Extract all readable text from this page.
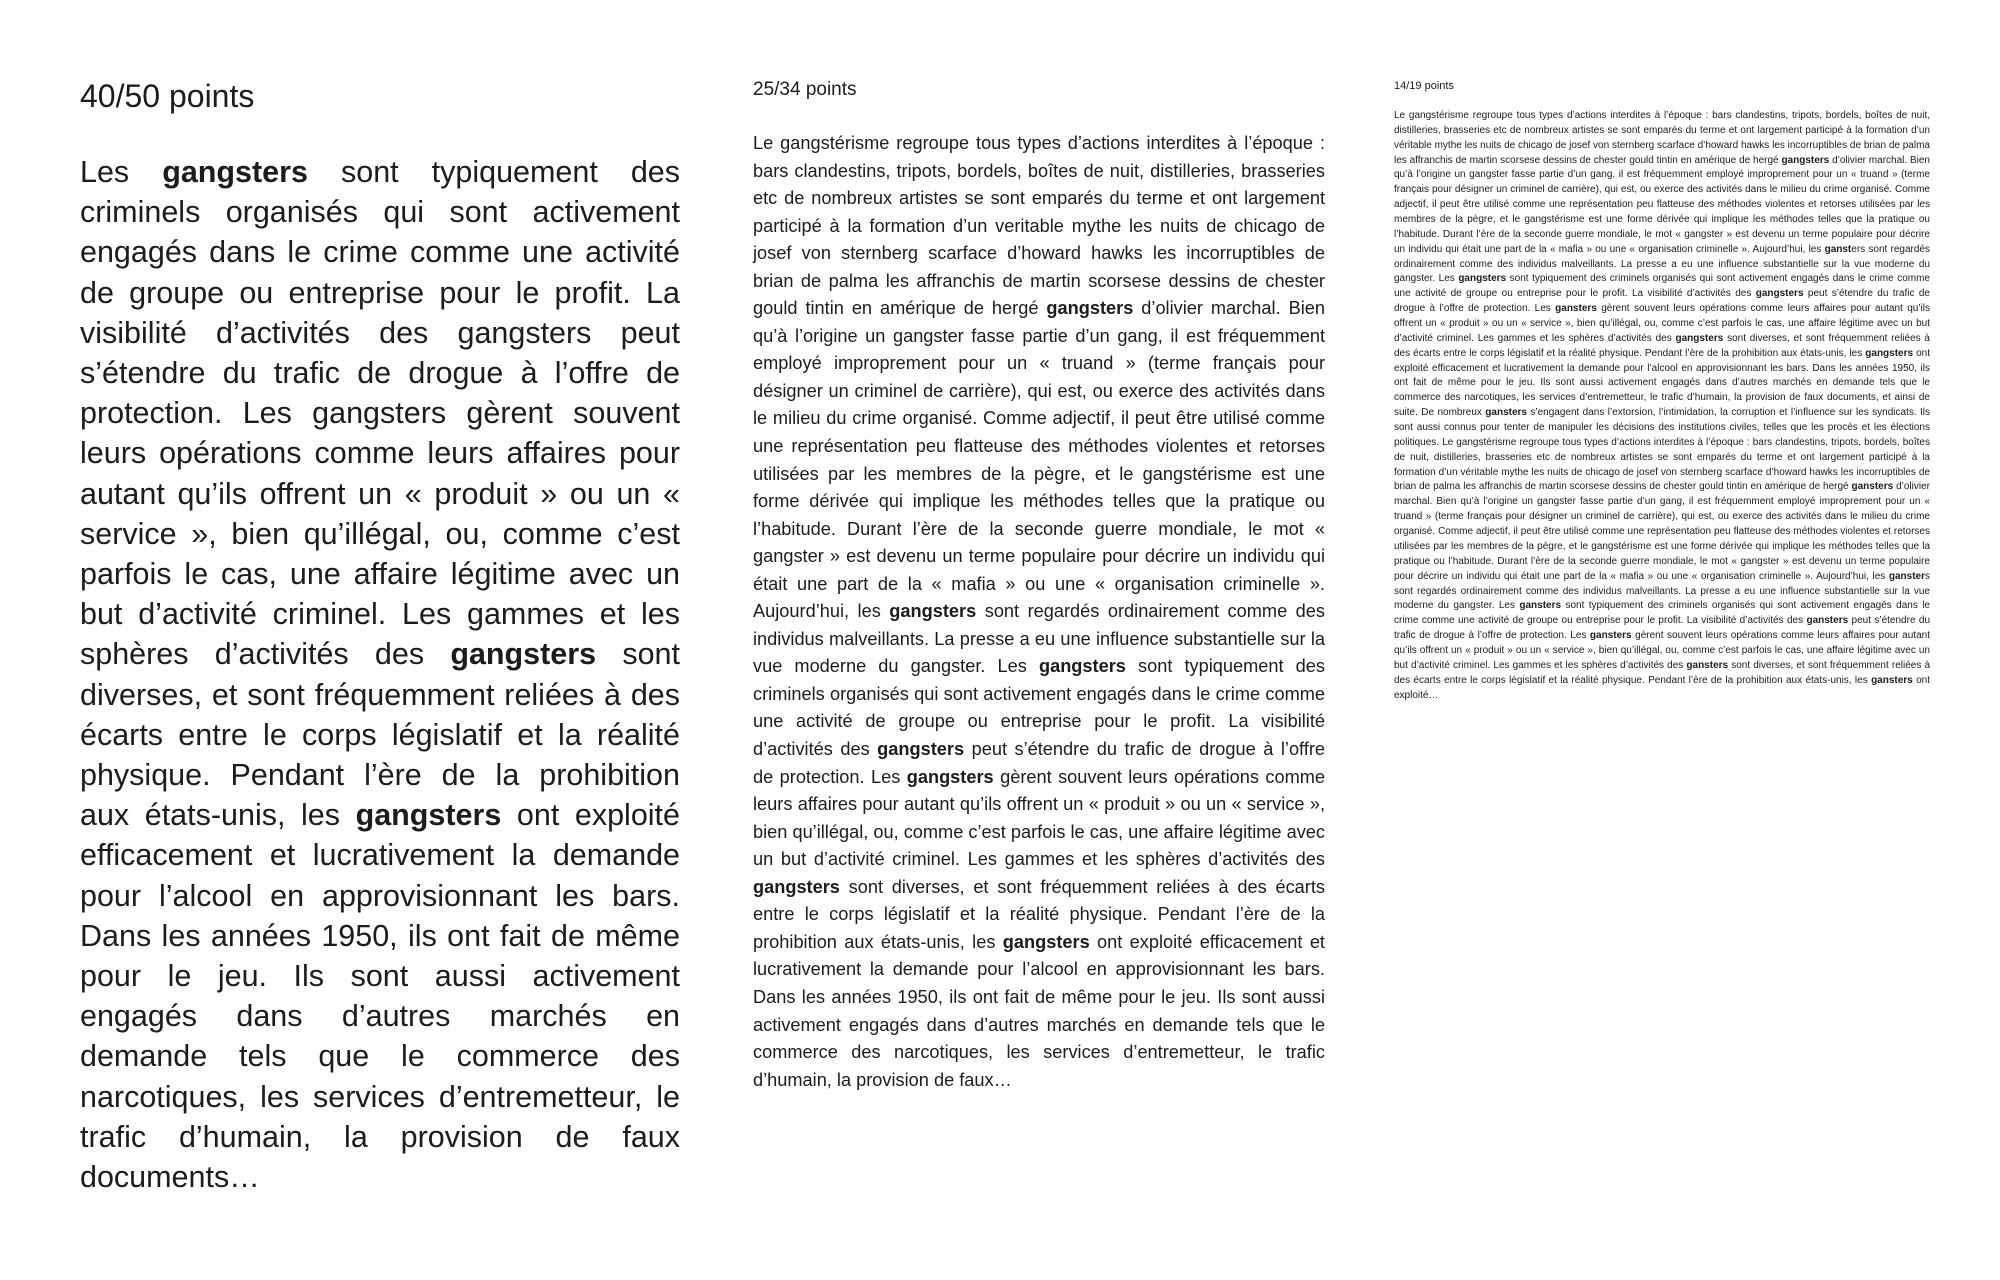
40/50 points

Les gangsters sont typiquement des criminels organisés qui sont activement engagés dans le crime comme une activité de groupe ou entreprise pour le profit. La visibilité d’activités des gangsters peut s’étendre du trafic de drogue à l’offre de protection. Les gangsters gèrent souvent leurs opérations comme leurs affaires pour autant qu’ils offrent un « produit » ou un « service », bien qu’illégal, ou, comme c’est parfois le cas, une affaire légitime avec un but d’activité criminel. Les gammes et les sphères d’activités des gangsters sont diverses, et sont fréquemment reliées à des écarts entre le corps législatif et la réalité physique. Pendant l’ère de la prohibition aux états-unis, les gangsters ont exploité efficacement et lucrativement la demande pour l’alcool en approvisionnant les bars. Dans les années 1950, ils ont fait de même pour le jeu. Ils sont aussi activement engagés dans d’autres marchés en demande tels que le commerce des narcotiques, les services d’entremetteur, le trafic d’humain, la provision de faux documents…

25/34 points

Le gangstérisme regroupe tous types d’actions interdites à l’époque : bars clandestins, tripots, bordels, boîtes de nuit, distilleries, brasseries etc de nombreux artistes se sont emparés du terme et ont largement participé à la formation d’un veritable mythe les nuits de chicago de josef von sternberg scarface d’howard hawks les incorruptibles de brian de palma les affranchis de martin scorsese dessins de chester gould tintin en amérique de hergé gangsters d’olivier marchal. Bien qu’à l’origine un gangster fasse partie d’un gang, il est fréquemment employé improprement pour un « truand » (terme français pour désigner un criminel de carrière), qui est, ou exerce des activités dans le milieu du crime organisé. Comme adjectif, il peut être utilisé comme une représentation peu flatteuse des méthodes violentes et retorses utilisées par les membres de la pègre, et le gangstérisme est une forme dérivée qui implique les méthodes telles que la pratique ou l’habitude. Durant l’ère de la seconde guerre mondiale, le mot « gangster » est devenu un terme populaire pour décrire un individu qui était une part de la « mafia » ou une « organisation criminelle ». Aujourd’hui, les gangsters sont regardés ordinairement comme des individus malveillants. La presse a eu une influence substantielle sur la vue moderne du gangster. Les gangsters sont typiquement des criminels organisés qui sont activement engagés dans le crime comme une activité de groupe ou entreprise pour le profit. La visibilité d’activités des gangsters peut s’étendre du trafic de drogue à l’offre de protection. Les gangsters gèrent souvent leurs opérations comme leurs affaires pour autant qu’ils offrent un « produit » ou un « service », bien qu’illégal, ou, comme c’est parfois le cas, une affaire légitime avec un but d’activité criminel. Les gammes et les sphères d’activités des gangsters sont diverses, et sont fréquemment reliées à des écarts entre le corps législatif et la réalité physique. Pendant l’ère de la prohibition aux états-unis, les gangsters ont exploité efficacement et lucrativement la demande pour l’alcool en approvisionnant les bars. Dans les années 1950, ils ont fait de même pour le jeu. Ils sont aussi activement engagés dans d’autres marchés en demande tels que le commerce des narcotiques, les services d’entremetteur, le trafic d’humain, la provision de faux…

14/19 points

Le gangstérisme regroupe tous types d’actions interdites à l’époque : bars clandestins, tripots, bordels, boîtes de nuit, distilleries, brasseries etc de nombreux artistes se sont emparés du terme et ont largement participé à la formation d’un véritable mythe les nuits de chicago de josef von sternberg scarface d’howard hawks les incorruptibles de brian de palma les affranchis de martin scorsese dessins de chester gould tintin en amérique de hergé gangsters d’olivier marchal. Bien qu’à l’origine un gangster fasse partie d’un gang, il est fréquemment employé improprement pour un « truand » (terme français pour désigner un criminel de carrière), qui est, ou exerce des activités dans le milieu du crime organisé. Comme adjectif, il peut être utilisé comme une représentation peu flatteuse des méthodes violentes et retorses utilisées par les membres de la pègre, et le gangstérisme est une forme dérivée qui implique les méthodes telles que la pratique ou l’habitude. Durant l’ère de la seconde guerre mondiale, le mot « gangster » est devenu un terme populaire pour décrire un individu qui était une part de la « mafia » ou une « organisation criminelle ». Aujourd’hui, les gansters sont regardés ordinairement comme des individus malveillants. La presse a eu une influence substantielle sur la vue moderne du gangster. Les gangsters sont typiquement des criminels organisés qui sont activement engagés dans le crime comme une activité de groupe ou entreprise pour le profit. La visibilité d’activités des gangsters peut s’étendre du trafic de drogue à l’offre de protection. Les gansters gèrent souvent leurs opérations comme leurs affaires pour autant qu’ils offrent un « produit » ou un « service », bien qu’illégal, ou, comme c’est parfois le cas, une affaire légitime avec un but d’activité criminel. Les gammes et les sphères d’activités des gangsters sont diverses, et sont fréquemment reliées à des écarts entre le corps législatif et la réalité physique. Pendant l’ère de la prohibition aux états-unis, les gangsters ont exploité efficacement et lucrativement la demande pour l’alcool en approvisionnant les bars. Dans les années 1950, ils ont fait de même pour le jeu. Ils sont aussi activement engagés dans d’autres marchés en demande tels que le commerce des narcotiques, les services d’entremetteur, le trafic d’humain, la provision de faux documents, et ainsi de suite. De nombreux gansters s’engagent dans l’extorsion, l’intimidation, la corruption et l’influence sur les syndicats. Ils sont aussi connus pour tenter de manipuler les décisions des institutions civiles, telles que les procès et les élections politiques. Le gangstérisme regroupe tous types d’actions interdites à l’époque : bars clandestins, tripots, bordels, boîtes de nuit, distilleries, brasseries etc de nombreux artistes se sont emparés du terme et ont largement participé à la formation d’un véritable mythe les nuits de chicago de josef von sternberg scarface d’howard hawks les incorruptibles de brian de palma les affranchis de martin scorsese dessins de chester gould tintin en amérique de hergé gansters d’olivier marchal. Bien qu’à l’origine un gangster fasse partie d’un gang, il est fréquemment employé improprement pour un « truand » (terme français pour désigner un criminel de carrière), qui est, ou exerce des activités dans le milieu du crime organisé. Comme adjectif, il peut être utilisé comme une représentation peu flatteuse des méthodes violentes et retorses utilisées par les membres de la pègre, et le gangstérisme est une forme dérivée qui implique les méthodes telles que la pratique ou l’habitude. Durant l’ère de la seconde guerre mondiale, le mot « gangster » est devenu un terme populaire pour décrire un individu qui était une part de la « mafia » ou une « organisation criminelle ». Aujourd’hui, les gansters sont regardés ordinairement comme des individus malveillants. La presse a eu une influence substantielle sur la vue moderne du gangster. Les gansters sont typiquement des criminels organisés qui sont activement engagés dans le crime comme une activité de groupe ou entreprise pour le profit. La visibilité d’activités des gansters peut s’étendre du trafic de drogue à l’offre de protection. Les gansters gèrent souvent leurs opérations comme leurs affaires pour autant qu’ils offrent un « produit » ou un « service », bien qu’illégal, ou, comme c’est parfois le cas, une affaire légitime avec un but d’activité criminel. Les gammes et les sphères d’activités des gansters sont diverses, et sont fréquemment reliées à des écarts entre le corps législatif et la réalité physique. Pendant l’ère de la prohibition aux états-unis, les gansters ont exploité…
